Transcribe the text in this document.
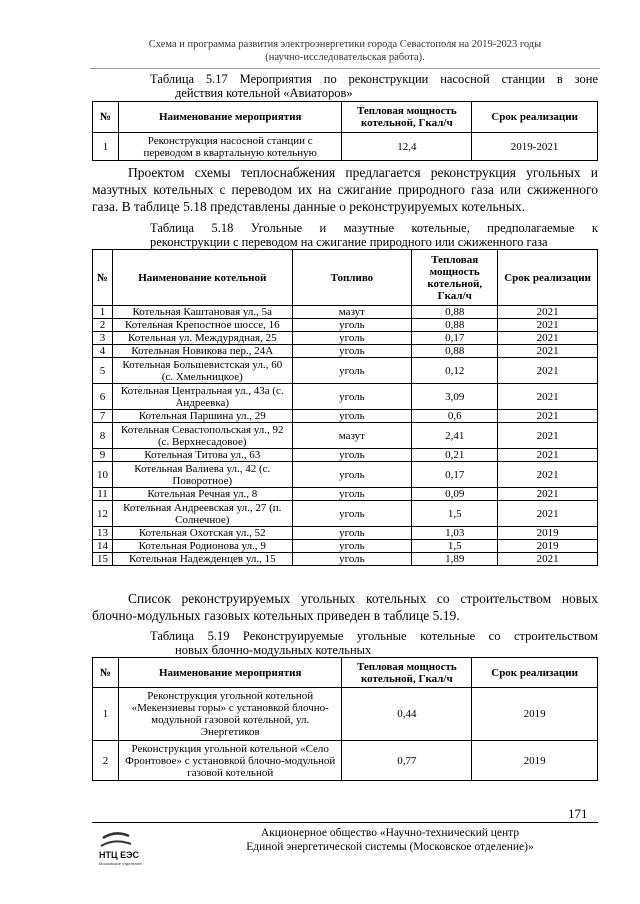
Схема и программа развития электроэнергетики города Севастополя на 2019-2023 годы
(научно-исследовательская работа).
Таблица 5.17 Мероприятия по реконструкции насосной станции в зоне
действия котельной «Авиаторов»
№	Наименование мероприятия	Тепловая мощность котельной, Гкал/ч	Срок реализации
1	Реконструкция насосной станции с переводом в квартальную котельную	12,4	2019-2021
Проектом схемы теплоснабжения предлагается реконструкция угольных и мазутных котельных с переводом их на сжигание природного газа или сжиженного газа. В таблице 5.18 представлены данные о реконструируемых котельных.
Таблица 5.18 Угольные и мазутные котельные, предполагаемые к
реконструкции с переводом на сжигание природного или сжиженного газа
№	Наименование котельной	Топливо	Тепловая мощность котельной, Гкал/ч	Срок реализации
1	Котельная Каштановая ул., 5а	мазут	0,88	2021
2	Котельная Крепостное шоссе, 16	уголь	0,88	2021
3	Котельная ул. Междурядная, 25	уголь	0,17	2021
4	Котельная Новикова пер., 24А	уголь	0,88	2021
5	Котельная Большевистская ул., 60 (с. Хмельницкое)	уголь	0,12	2021
6	Котельная Центральная ул., 43а (с. Андреевка)	уголь	3,09	2021
7	Котельная Паршина ул., 29	уголь	0,6	2021
8	Котельная Севастопольская ул., 92 (с. Верхнесадовое)	мазут	2,41	2021
9	Котельная Титова ул., 63	уголь	0,21	2021
10	Котельная Валиева ул., 42 (с. Поворотное)	уголь	0,17	2021
11	Котельная Речная ул., 8	уголь	0,09	2021
12	Котельная Андреевская ул., 27 (п. Солнечное)	уголь	1,5	2021
13	Котельная Охотская ул., 52	уголь	1,03	2019
14	Котельная Родионова ул., 9	уголь	1,5	2019
15	Котельная Надежденцев ул., 15	уголь	1,89	2021
Список реконструируемых угольных котельных со строительством новых блочно-модульных газовых котельных приведен в таблице 5.19.
Таблица 5.19 Реконструируемые угольные котельные со строительством
новых блочно-модульных котельных
№	Наименование мероприятия	Тепловая мощность котельной, Гкал/ч	Срок реализации
1	Реконструкция угольной котельной «Мекензиевы горы» с установкой блочно-модульной газовой котельной, ул. Энергетиков	0,44	2019
2	Реконструкция угольной котельной «Село Фронтовое» с установкой блочно-модульной газовой котельной	0,77	2019
171
НТЦ ЕЭС
Московское отделение
Акционерное общество «Научно-технический центр
Единой энергетической системы (Московское отделение)»
